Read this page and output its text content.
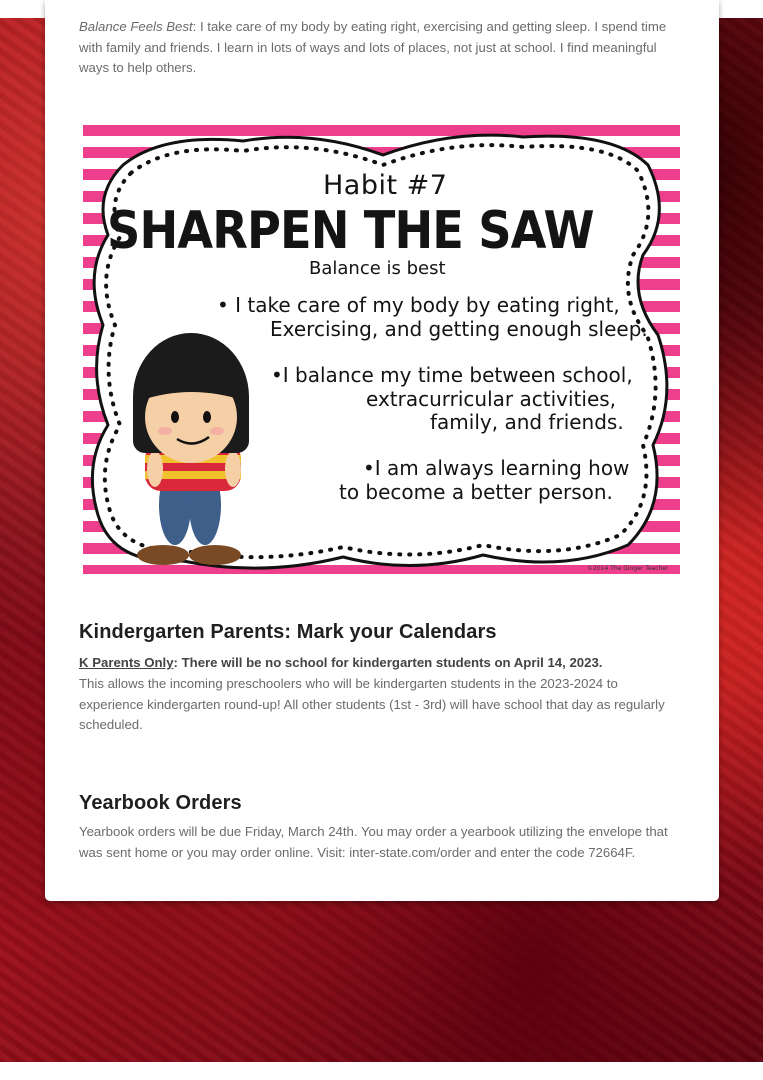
Balance Feels Best: I take care of my body by eating right, exercising and getting sleep. I spend time with family and friends. I learn in lots of ways and lots of places, not just at school. I find meaningful ways to help others.

Habit #7
SHARPEN THE SAW
Balance is best
• I take care of my body by eating right,
Exercising, and getting enough sleep.
•I balance my time between school,
extracurricular activities,
family, and friends.
•I am always learning how
to become a better person.
©2014 The Ginger Teacher
Kindergarten Parents: Mark your Calendars

K Parents Only: There will be no school for kindergarten students on April 14, 2023.

This allows the incoming preschoolers who will be kindergarten students in the 2023-2024 to experience kindergarten round-up! All other students (1st - 3rd) will have school that day as regularly scheduled.

Yearbook Orders

Yearbook orders will be due Friday, March 24th. You may order a yearbook utilizing the envelope that was sent home or you may order online. Visit: inter-state.com/order and enter the code 72664F.
